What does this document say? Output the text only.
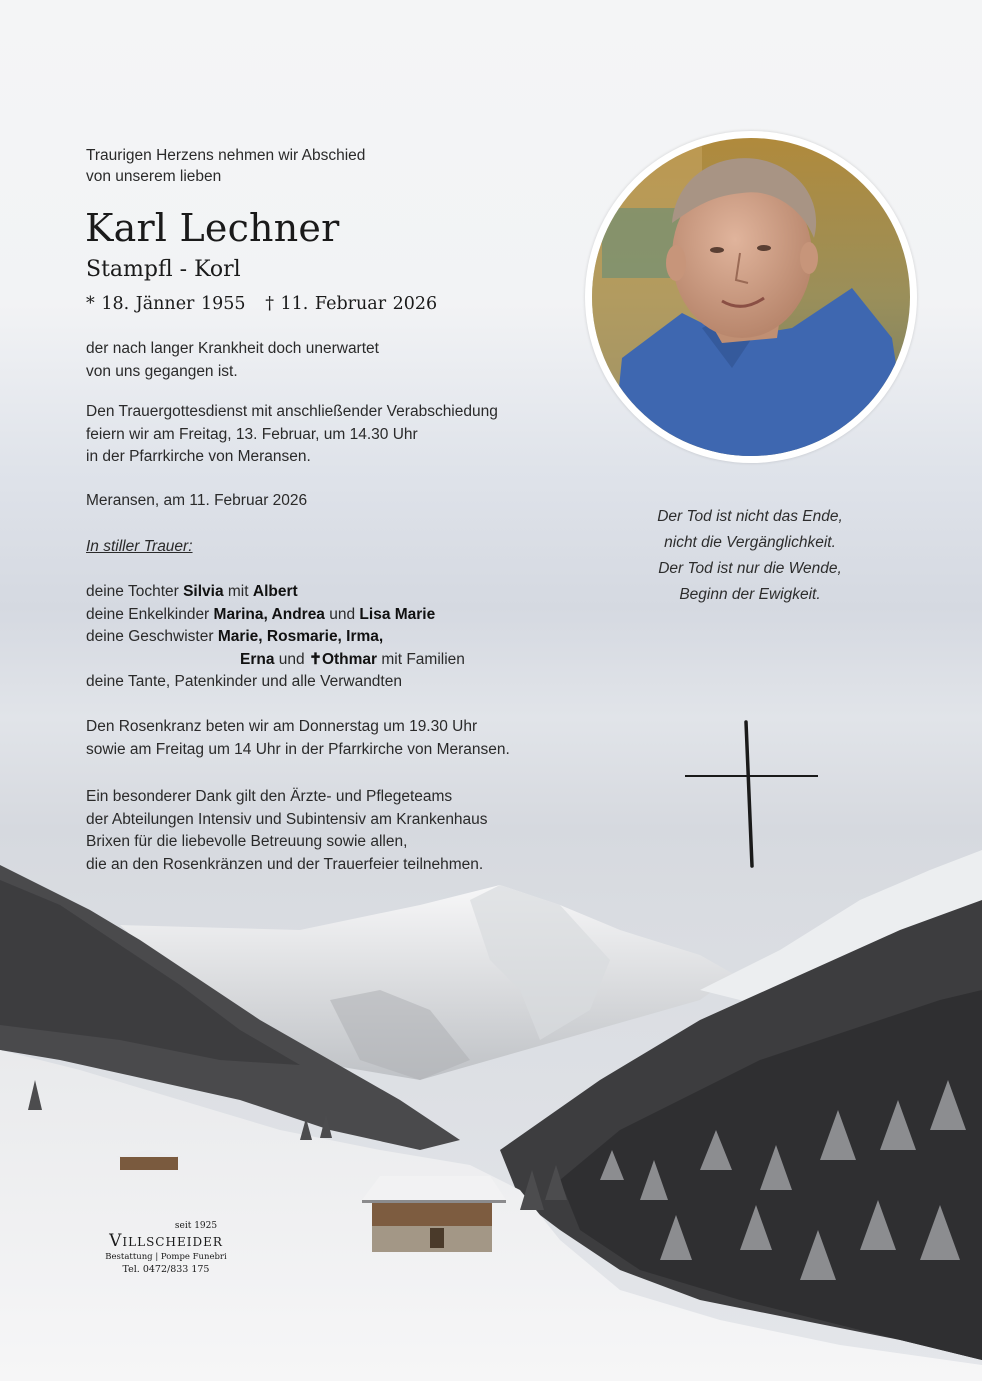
Traurigen Herzens nehmen wir Abschied
von unserem lieben
Karl Lechner
Stampfl - Korl
* 18. Jänner 1955   † 11. Februar 2026

der nach langer Krankheit doch unerwartet

von uns gegangen ist.

Den Trauergottesdienst mit anschließender Verabschiedung

feiern wir am Freitag, 13. Februar, um 14.30 Uhr

in der Pfarrkirche von Meransen.

Meransen, am 11. Februar 2026
In stiller Trauer:

deine Tochter Silvia mit Albert

deine Enkelkinder Marina, Andrea und Lisa Marie

deine Geschwister Marie, Rosmarie, Irma,

Erna und ✝Othmar mit Familien

deine Tante, Patenkinder und alle Verwandten

Den Rosenkranz beten wir am Donnerstag um 19.30 Uhr

sowie am Freitag um 14 Uhr in der Pfarrkirche von Meransen.

Ein besonderer Dank gilt den Ärzte- und Pflegeteams

der Abteilungen Intensiv und Subintensiv am Krankenhaus

Brixen für die liebevolle Betreuung sowie allen,

die an den Rosenkränzen und der Trauerfeier teilnehmen.

Der Tod ist nicht das Ende,
nicht die Vergänglichkeit.
Der Tod ist nur die Wende,
Beginn der Ewigkeit.
seit 1925
Villscheider
Bestattung | Pompe Funebri
Tel. 0472/833 175
